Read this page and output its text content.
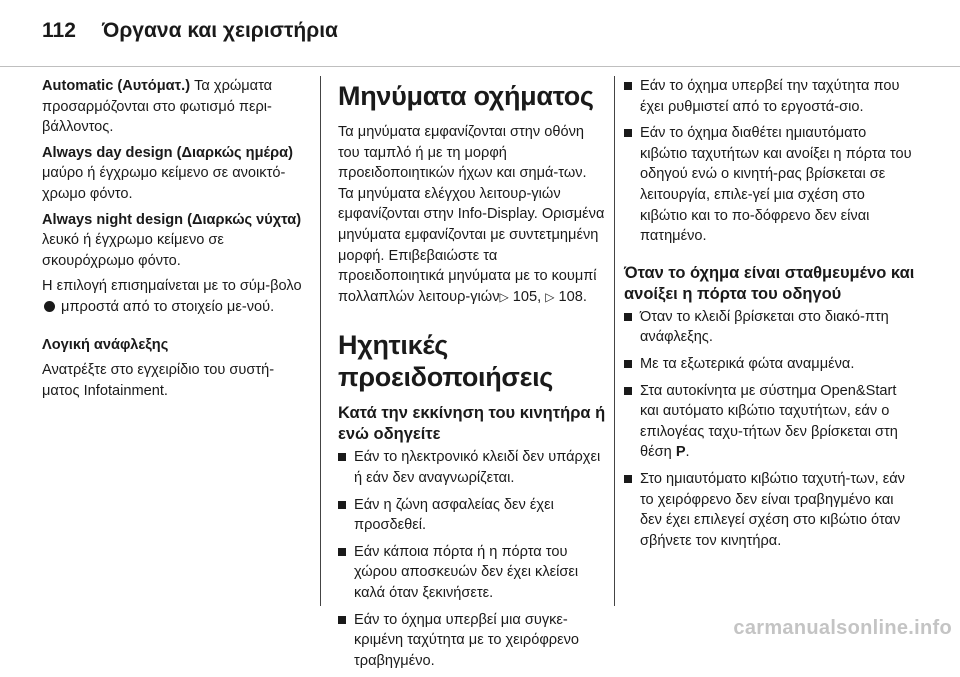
112 Όργανα και χειριστήρια

Automatic (Αυτόματ.) Τα χρώματα προσαρμόζονται στο φωτισμό περι-βάλλοντος.

Always day design (Διαρκώς ημέρα) μαύρο ή έγχρωμο κείμενο σε ανοικτό-χρωμο φόντο.

Always night design (Διαρκώς νύχτα) λευκό ή έγχρωμο κείμενο σε σκουρόχρωμο φόντο.

Η επιλογή επισημαίνεται με το σύμ-βολο  μπροστά από το στοιχείο με-νού.

Λογική ανάφλεξης

Ανατρέξτε στο εγχειρίδιο του συστή-ματος Infotainment.

Μηνύματα οχήματος

Τα μηνύματα εμφανίζονται στην οθόνη του ταμπλό ή με τη μορφή προειδοποιητικών ήχων και σημά-των. Τα μηνύματα ελέγχου λειτουρ-γιών εμφανίζονται στην Info-Display. Ορισμένα μηνύματα εμφανίζονται με συντετμημένη μορφή. Επιβεβαιώστε τα προειδοποιητικά μηνύματα με το κουμπί πολλαπλών λειτουρ-γιών▷ 105, ▷ 108.

Ηχητικές προειδοποιήσεις
Κατά την εκκίνηση του κινητήρα ή ενώ οδηγείτε
Εάν το ηλεκτρονικό κλειδί δεν υπάρχει ή εάν δεν αναγνωρίζεται.
Εάν η ζώνη ασφαλείας δεν έχει προσδεθεί.
Εάν κάποια πόρτα ή η πόρτα του χώρου αποσκευών δεν έχει κλείσει καλά όταν ξεκινήσετε.
Εάν το όχημα υπερβεί μια συγκε-κριμένη ταχύτητα με το χειρόφρενο τραβηγμένο.
Εάν το όχημα υπερβεί την ταχύτητα που έχει ρυθμιστεί από το εργοστά-σιο.
Εάν το όχημα διαθέτει ημιαυτόματο κιβώτιο ταχυτήτων και ανοίξει η πόρτα του οδηγού ενώ ο κινητή-ρας βρίσκεται σε λειτουργία, επιλε-γεί μια σχέση στο κιβώτιο και το πο-δόφρενο δεν είναι πατημένο.
Όταν το όχημα είναι σταθμευμένο και ανοίξει η πόρτα του οδηγού
Όταν το κλειδί βρίσκεται στο διακό-πτη ανάφλεξης.
Με τα εξωτερικά φώτα αναμμένα.
Στα αυτοκίνητα με σύστημα Open&Start και αυτόματο κιβώτιο ταχυτήτων, εάν ο επιλογέας ταχυ-τήτων δεν βρίσκεται στη θέση P.
Στο ημιαυτόματο κιβώτιο ταχυτή-των, εάν το χειρόφρενο δεν είναι τραβηγμένο και δεν έχει επιλεγεί σχέση στο κιβώτιο όταν σβήνετε τον κινητήρα.
carmanualsonline.info
